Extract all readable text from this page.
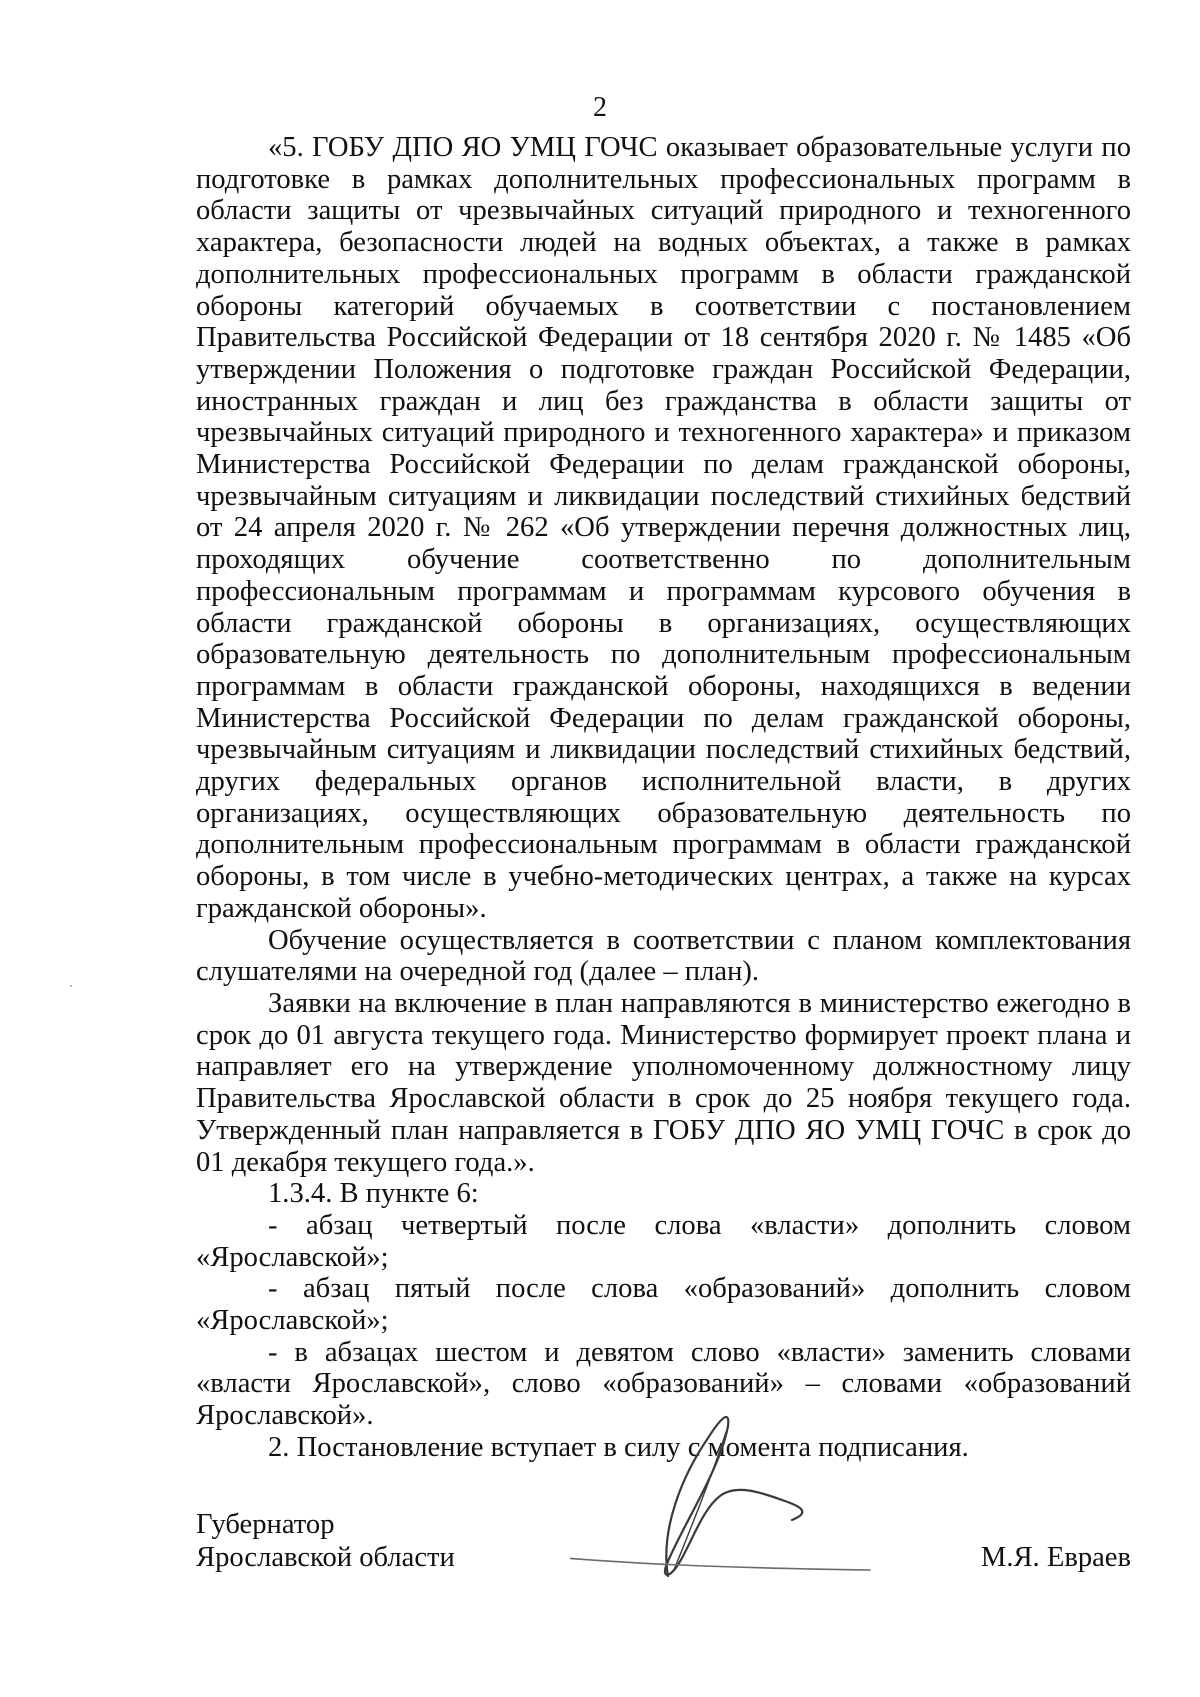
2

«5. ГОБУ ДПО ЯО УМЦ ГОЧС оказывает образовательные услуги по подготовке в рамках дополнительных профессиональных программ в области защиты от чрезвычайных ситуаций природного и техногенного характера, безопасности людей на водных объектах, а также в рамках дополнительных профессиональных программ в области гражданской обороны категорий обучаемых в соответствии с постановлением Правительства Российской Федерации от 18 сентября 2020 г. № 1485 «Об утверждении Положения о подготовке граждан Российской Федерации, иностранных граждан и лиц без гражданства в области защиты от чрезвычайных ситуаций природного и техногенного характера» и приказом Министерства Российской Федерации по делам гражданской обороны, чрезвычайным ситуациям и ликвидации последствий стихийных бедствий от 24 апреля 2020 г. № 262 «Об утверждении перечня должностных лиц, проходящих обучение соответственно по дополнительным профессиональным программам и программам курсового обучения в области гражданской обороны в организациях, осуществляющих образовательную деятельность по дополнительным профессиональным программам в области гражданской обороны, находящихся в ведении Министерства Российской Федерации по делам гражданской обороны, чрезвычайным ситуациям и ликвидации последствий стихийных бедствий, других федеральных органов исполнительной власти, в других организациях, осуществляющих образовательную деятельность по дополнительным профессиональным программам в области гражданской обороны, в том числе в учебно-методических центрах, а также на курсах гражданской обороны».

Обучение осуществляется в соответствии с планом комплектования слушателями на очередной год (далее – план).

Заявки на включение в план направляются в министерство ежегодно в срок до 01 августа текущего года. Министерство формирует проект плана и направляет его на утверждение уполномоченному должностному лицу Правительства Ярославской области в срок до 25 ноября текущего года. Утвержденный план направляется в ГОБУ ДПО ЯО УМЦ ГОЧС в срок до 01 декабря текущего года.».

1.3.4. В пункте 6:

- абзац четвертый после слова «власти» дополнить словом «Ярославской»;

- абзац пятый после слова «образований» дополнить словом «Ярославской»;

- в абзацах шестом и девятом слово «власти» заменить словами «власти Ярославской», слово «образований» – словами «образований Ярославской».

2. Постановление вступает в силу с момента подписания.

Губернатор
Ярославской области	М.Я. Евраев
